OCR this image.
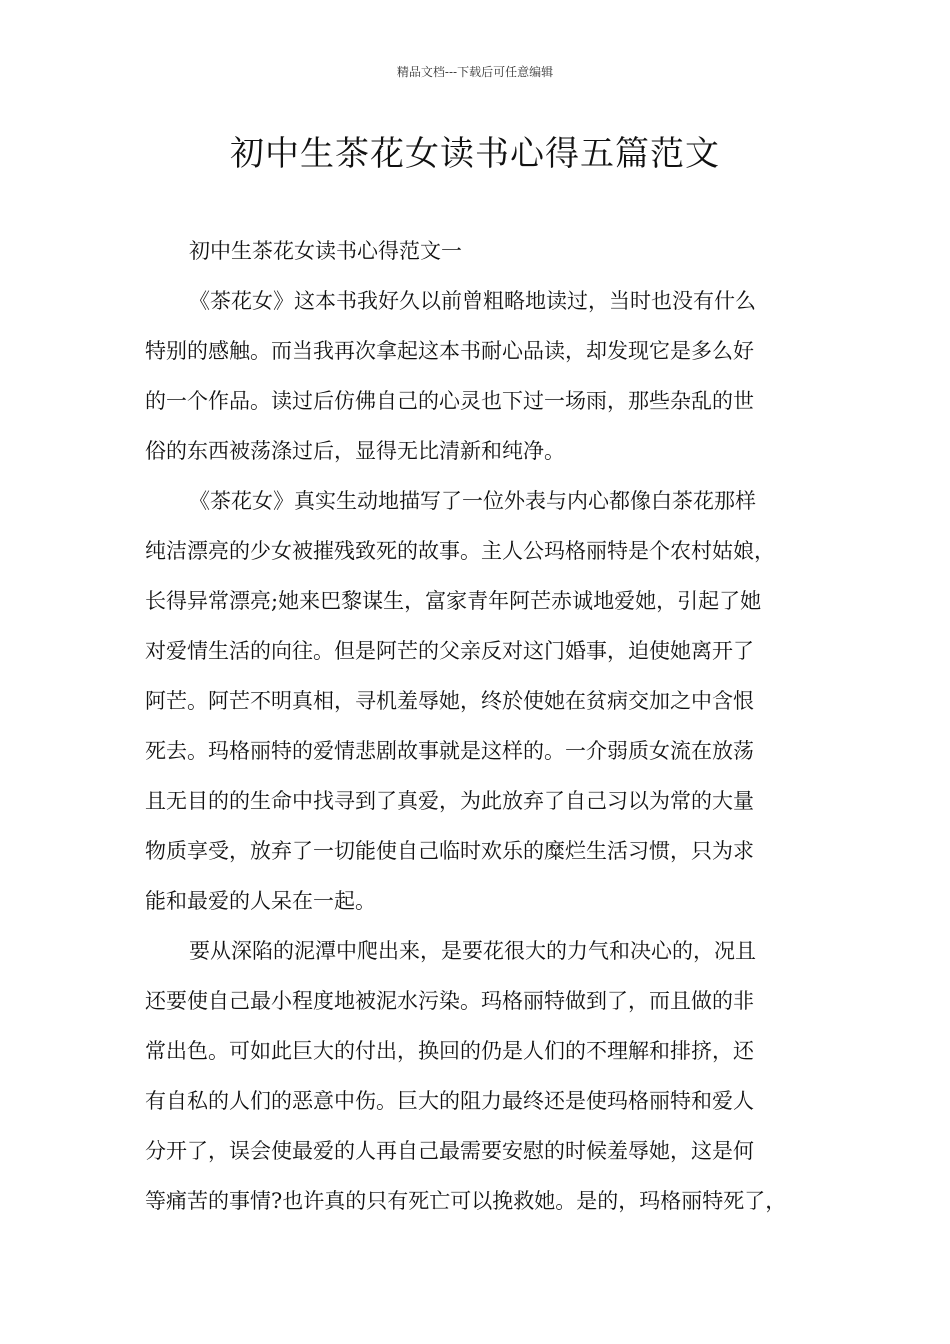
精品文档---下载后可任意编辑
初中生茶花女读书心得五篇范文
初中生茶花女读书心得范文一
《茶花女》这本书我好久以前曾粗略地读过，当时也没有什么
特别的感触。而当我再次拿起这本书耐心品读，却发现它是多么好
的一个作品。读过后仿佛自己的心灵也下过一场雨，那些杂乱的世
俗的东西被荡涤过后，显得无比清新和纯净。
《茶花女》真实生动地描写了一位外表与内心都像白茶花那样
纯洁漂亮的少女被摧残致死的故事。主人公玛格丽特是个农村姑娘，
长得异常漂亮;她来巴黎谋生，富家青年阿芒赤诚地爱她，引起了她
对爱情生活的向往。但是阿芒的父亲反对这门婚事，迫使她离开了
阿芒。阿芒不明真相，寻机羞辱她，终於使她在贫病交加之中含恨
死去。玛格丽特的爱情悲剧故事就是这样的。一介弱质女流在放荡
且无目的的生命中找寻到了真爱，为此放弃了自己习以为常的大量
物质享受，放弃了一切能使自己临时欢乐的糜烂生活习惯，只为求
能和最爱的人呆在一起。
要从深陷的泥潭中爬出来，是要花很大的力气和决心的，况且
还要使自己最小程度地被泥水污染。玛格丽特做到了，而且做的非
常出色。可如此巨大的付出，换回的仍是人们的不理解和排挤，还
有自私的人们的恶意中伤。巨大的阻力最终还是使玛格丽特和爱人
分开了，误会使最爱的人再自己最需要安慰的时候羞辱她，这是何
等痛苦的事情?也许真的只有死亡可以挽救她。是的，玛格丽特死了，
